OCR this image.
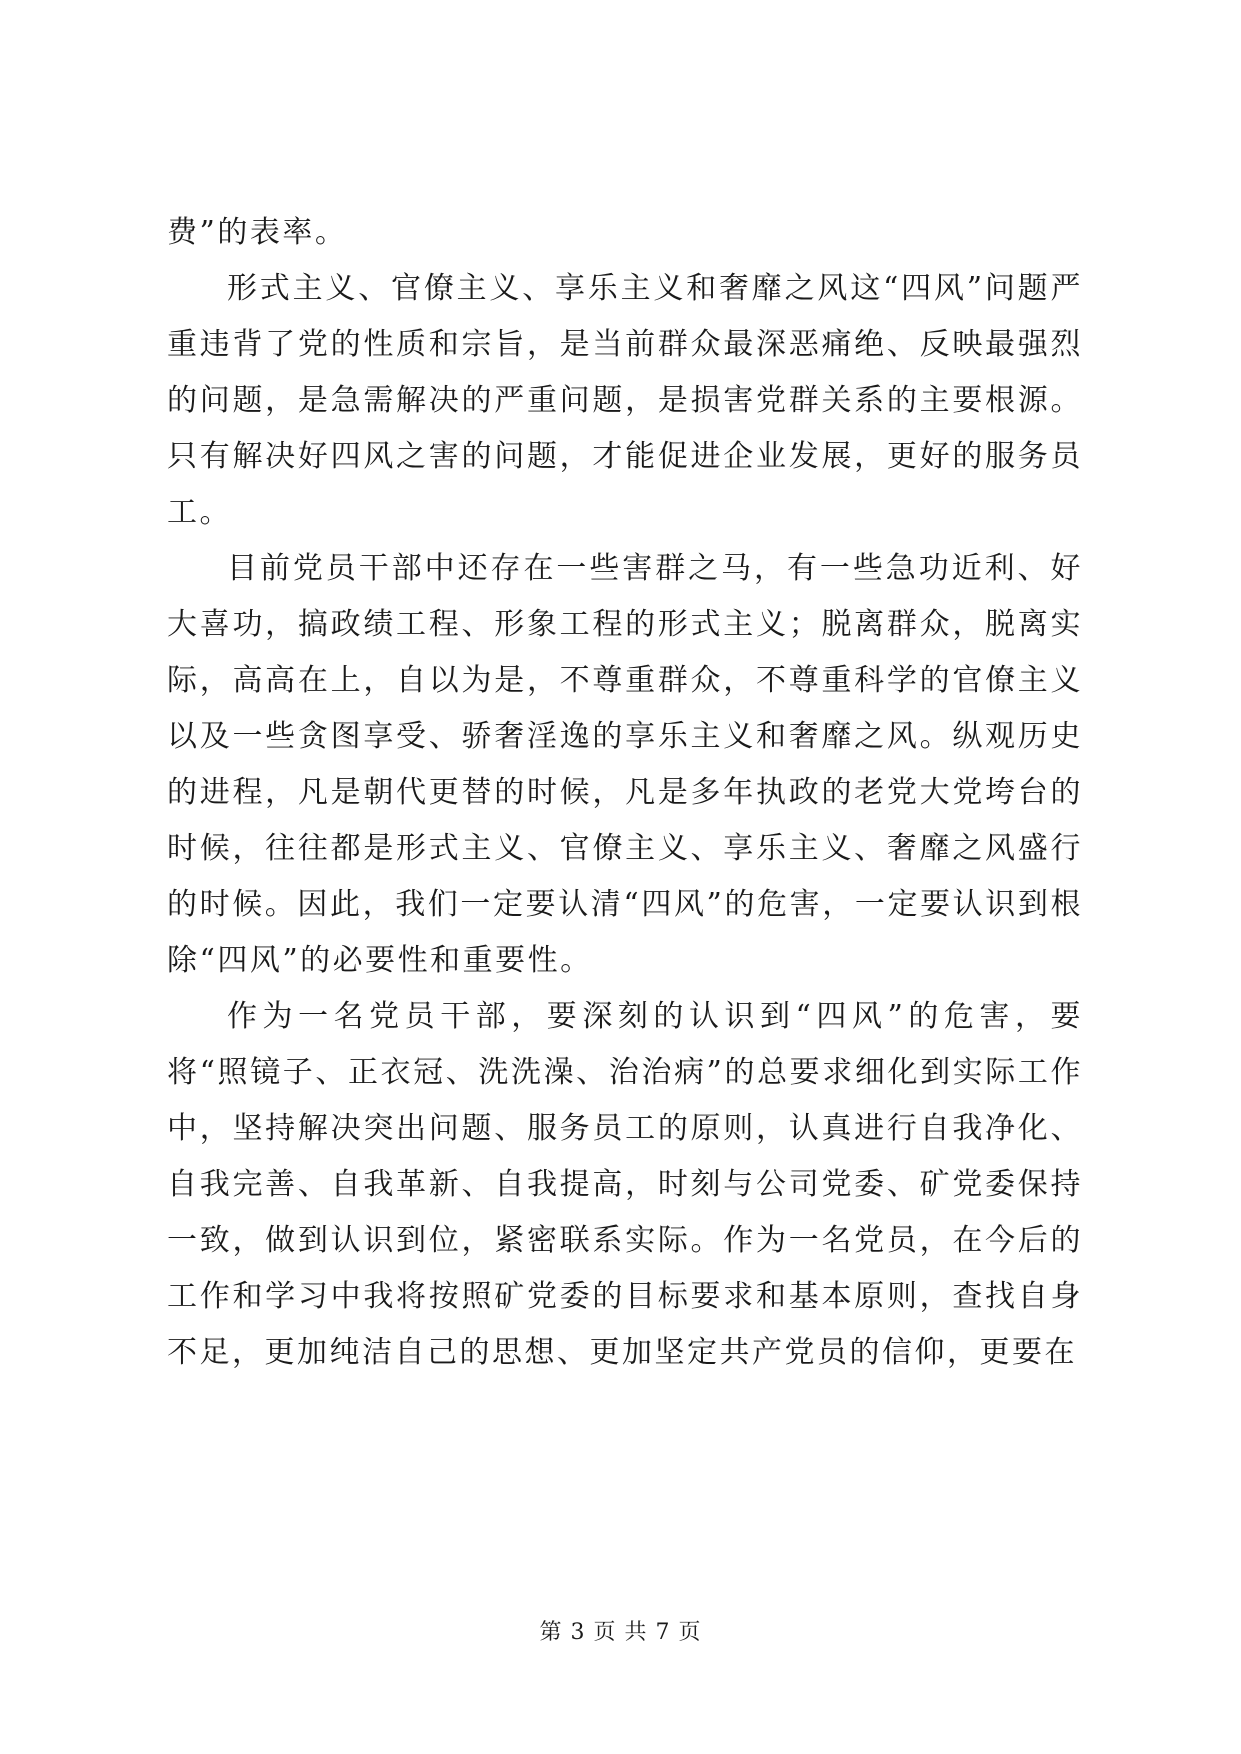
费”的表率。

形式主义、官僚主义、享乐主义和奢靡之风这“四风”问题严重违背了党的性质和宗旨，是当前群众最深恶痛绝、反映最强烈的问题，是急需解决的严重问题，是损害党群关系的主要根源。只有解决好四风之害的问题，才能促进企业发展，更好的服务员工。

目前党员干部中还存在一些害群之马，有一些急功近利、好大喜功，搞政绩工程、形象工程的形式主义；脱离群众，脱离实际，高高在上，自以为是，不尊重群众，不尊重科学的官僚主义以及一些贪图享受、骄奢淫逸的享乐主义和奢靡之风。纵观历史的进程，凡是朝代更替的时候，凡是多年执政的老党大党垮台的时候，往往都是形式主义、官僚主义、享乐主义、奢靡之风盛行的时候。因此，我们一定要认清“四风”的危害，一定要认识到根除“四风”的必要性和重要性。

作为一名党员干部，要深刻的认识到“四风”的危害，要将“照镜子、正衣冠、洗洗澡、治治病”的总要求细化到实际工作中，坚持解决突出问题、服务员工的原则，认真进行自我净化、自我完善、自我革新、自我提高，时刻与公司党委、矿党委保持一致，做到认识到位，紧密联系实际。作为一名党员，在今后的工作和学习中我将按照矿党委的目标要求和基本原则，查找自身不足，更加纯洁自己的思想、更加坚定共产党员的信仰，更要在

第 3 页 共 7 页
